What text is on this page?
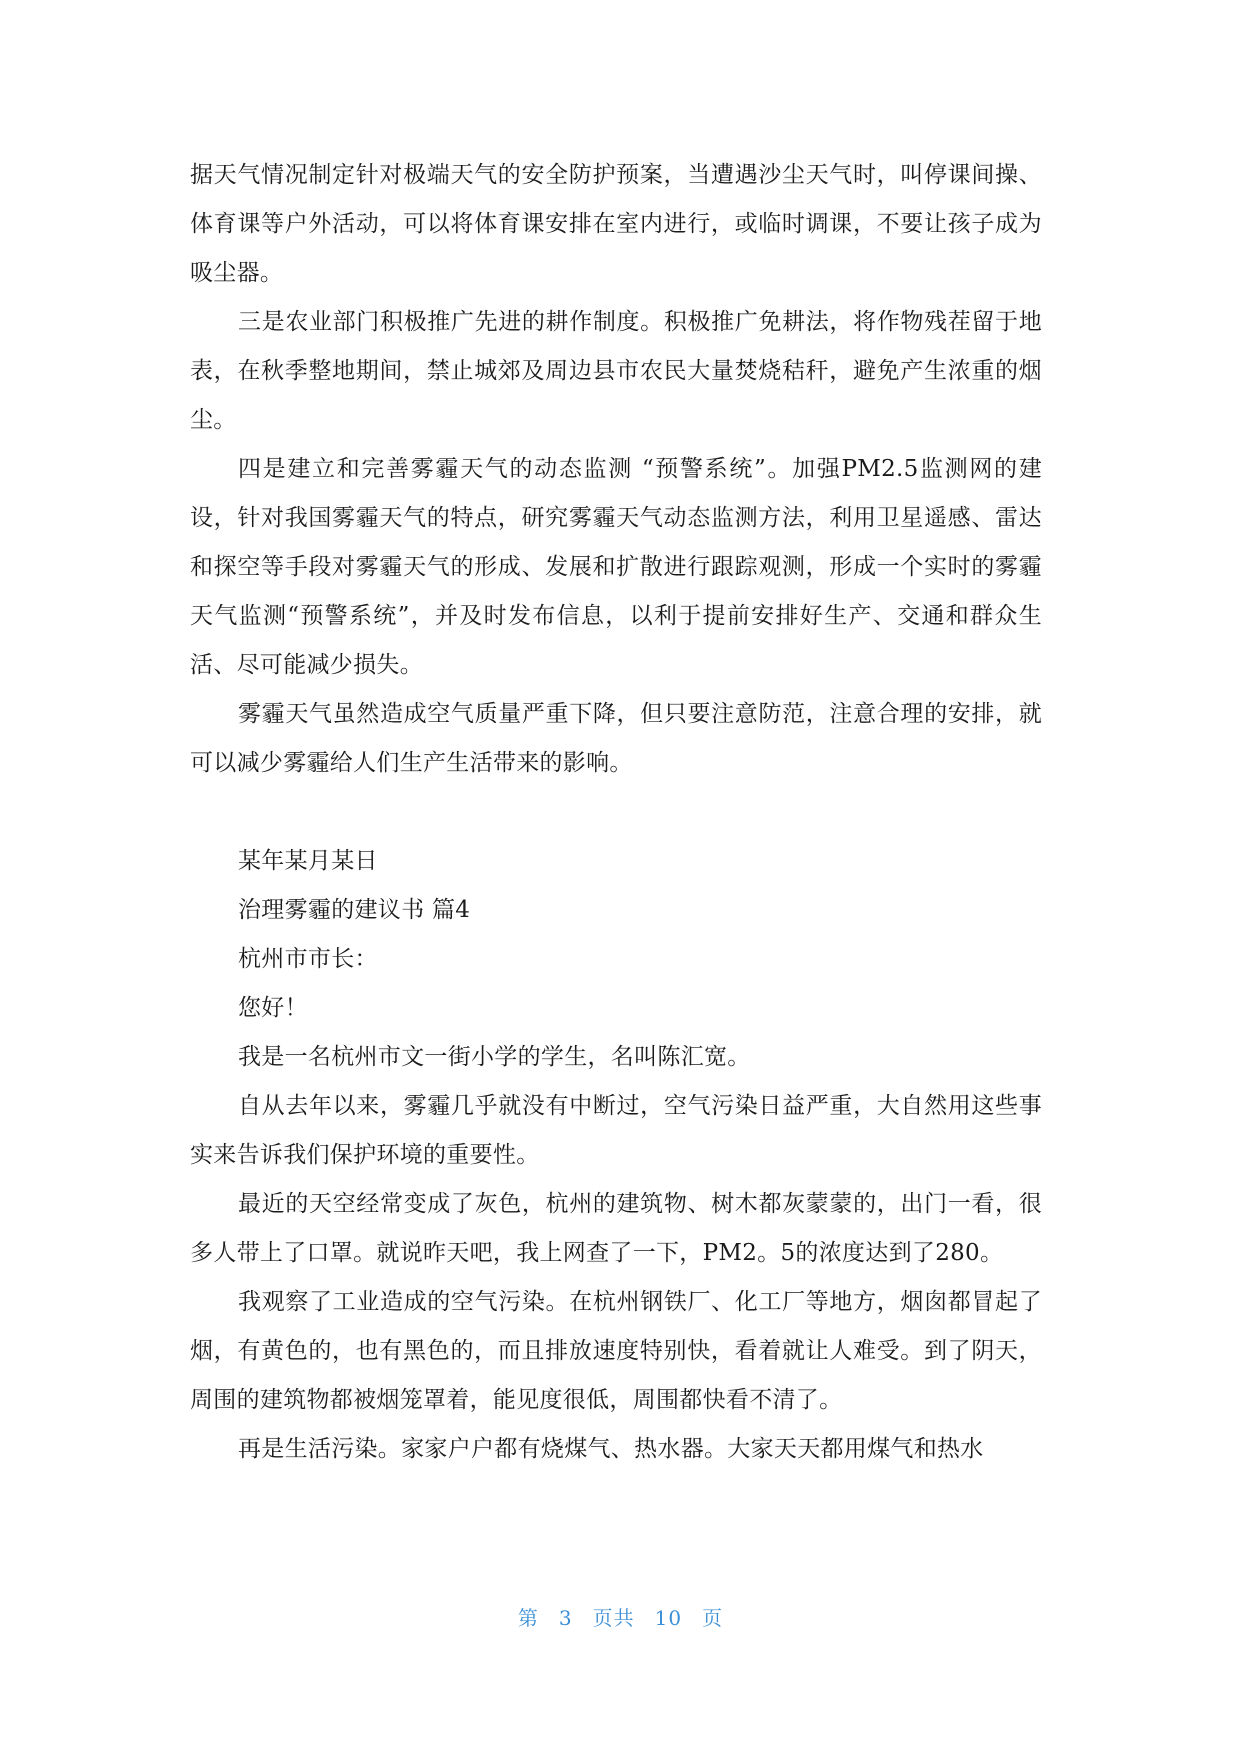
据天气情况制定针对极端天气的安全防护预案，当遭遇沙尘天气时，叫停课间操、体育课等户外活动，可以将体育课安排在室内进行，或临时调课，不要让孩子成为吸尘器。

三是农业部门积极推广先进的耕作制度。积极推广免耕法，将作物残茬留于地表，在秋季整地期间，禁止城郊及周边县市农民大量焚烧秸秆，避免产生浓重的烟尘。

四是建立和完善雾霾天气的动态监测 “预警系统”。加强PM2.5监测网的建设，针对我国雾霾天气的特点，研究雾霾天气动态监测方法，利用卫星遥感、雷达和探空等手段对雾霾天气的形成、发展和扩散进行跟踪观测，形成一个实时的雾霾天气监测“预警系统”，并及时发布信息，以利于提前安排好生产、交通和群众生活、尽可能减少损失。

雾霾天气虽然造成空气质量严重下降，但只要注意防范，注意合理的安排，就可以减少雾霾给人们生产生活带来的影响。

某年某月某日

治理雾霾的建议书 篇4

杭州市市长：

您好！

我是一名杭州市文一街小学的学生，名叫陈汇宽。

自从去年以来，雾霾几乎就没有中断过，空气污染日益严重，大自然用这些事实来告诉我们保护环境的重要性。

最近的天空经常变成了灰色，杭州的建筑物、树木都灰蒙蒙的，出门一看，很多人带上了口罩。就说昨天吧，我上网查了一下，PM2。5的浓度达到了280。

我观察了工业造成的空气污染。在杭州钢铁厂、化工厂等地方，烟囱都冒起了烟，有黄色的，也有黑色的，而且排放速度特别快，看着就让人难受。到了阴天，周围的建筑物都被烟笼罩着，能见度很低，周围都快看不清了。

再是生活污染。家家户户都有烧煤气、热水器。大家天天都用煤气和热水

第 3 页共 10 页
